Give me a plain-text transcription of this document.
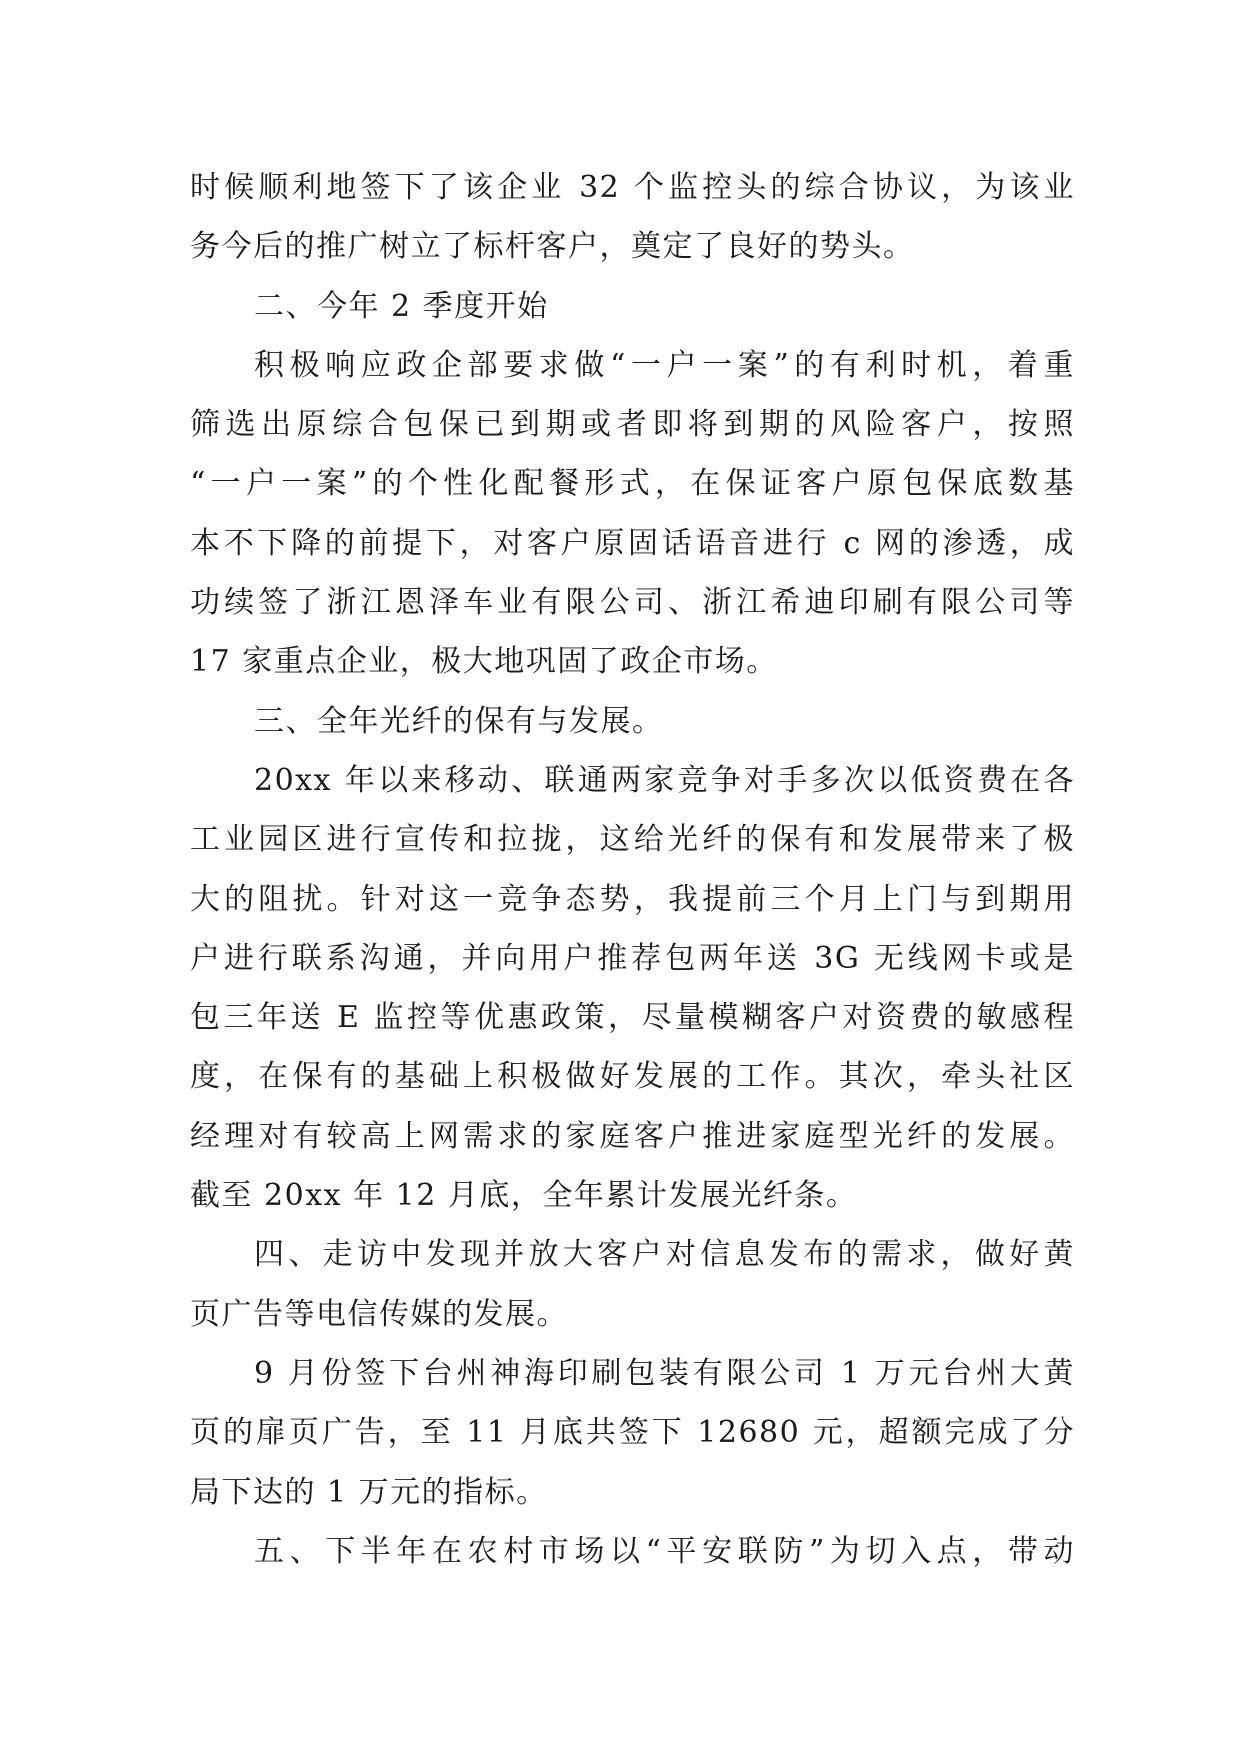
时候顺利地签下了该企业 32 个监控头的综合协议，为该业
务今后的推广树立了标杆客户，奠定了良好的势头。
二、今年 2 季度开始
积极响应政企部要求做“一户一案”的有利时机，着重
筛选出原综合包保已到期或者即将到期的风险客户，按照
“一户一案”的个性化配餐形式，在保证客户原包保底数基
本不下降的前提下，对客户原固话语音进行 c 网的渗透，成
功续签了浙江恩泽车业有限公司、浙江希迪印刷有限公司等
17 家重点企业，极大地巩固了政企市场。
三、全年光纤的保有与发展。
20xx 年以来移动、联通两家竞争对手多次以低资费在各
工业园区进行宣传和拉拢，这给光纤的保有和发展带来了极
大的阻扰。针对这一竞争态势，我提前三个月上门与到期用
户进行联系沟通，并向用户推荐包两年送 3G 无线网卡或是
包三年送 E 监控等优惠政策，尽量模糊客户对资费的敏感程
度，在保有的基础上积极做好发展的工作。其次，牵头社区
经理对有较高上网需求的家庭客户推进家庭型光纤的发展。
截至 20xx 年 12 月底，全年累计发展光纤条。
四、走访中发现并放大客户对信息发布的需求，做好黄
页广告等电信传媒的发展。
9 月份签下台州神海印刷包装有限公司 1 万元台州大黄
页的扉页广告，至 11 月底共签下 12680 元，超额完成了分
局下达的 1 万元的指标。
五、下半年在农村市场以“平安联防”为切入点，带动
